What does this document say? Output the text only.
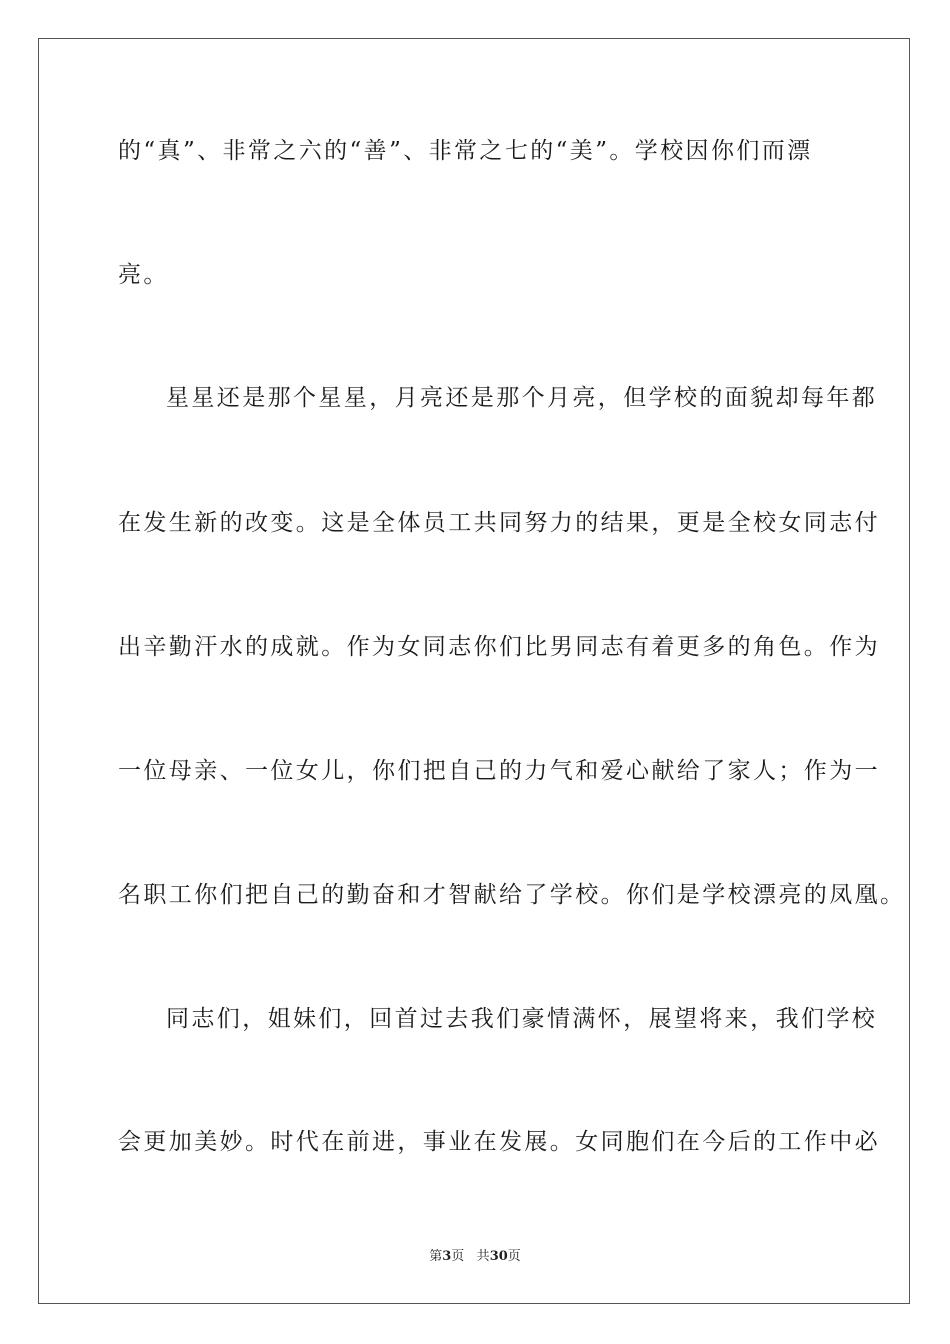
的“真”、非常之六的“善”、非常之七的“美”。学校因你们而漂
亮。
星星还是那个星星，月亮还是那个月亮，但学校的面貌却每年都
在发生新的改变。这是全体员工共同努力的结果，更是全校女同志付
出辛勤汗水的成就。作为女同志你们比男同志有着更多的角色。作为
一位母亲、一位女儿，你们把自己的力气和爱心献给了家人；作为一
名职工你们把自己的勤奋和才智献给了学校。你们是学校漂亮的凤凰。
同志们，姐妹们，回首过去我们豪情满怀，展望将来，我们学校
会更加美妙。时代在前进，事业在发展。女同胞们在今后的工作中必
第3页 共30页
